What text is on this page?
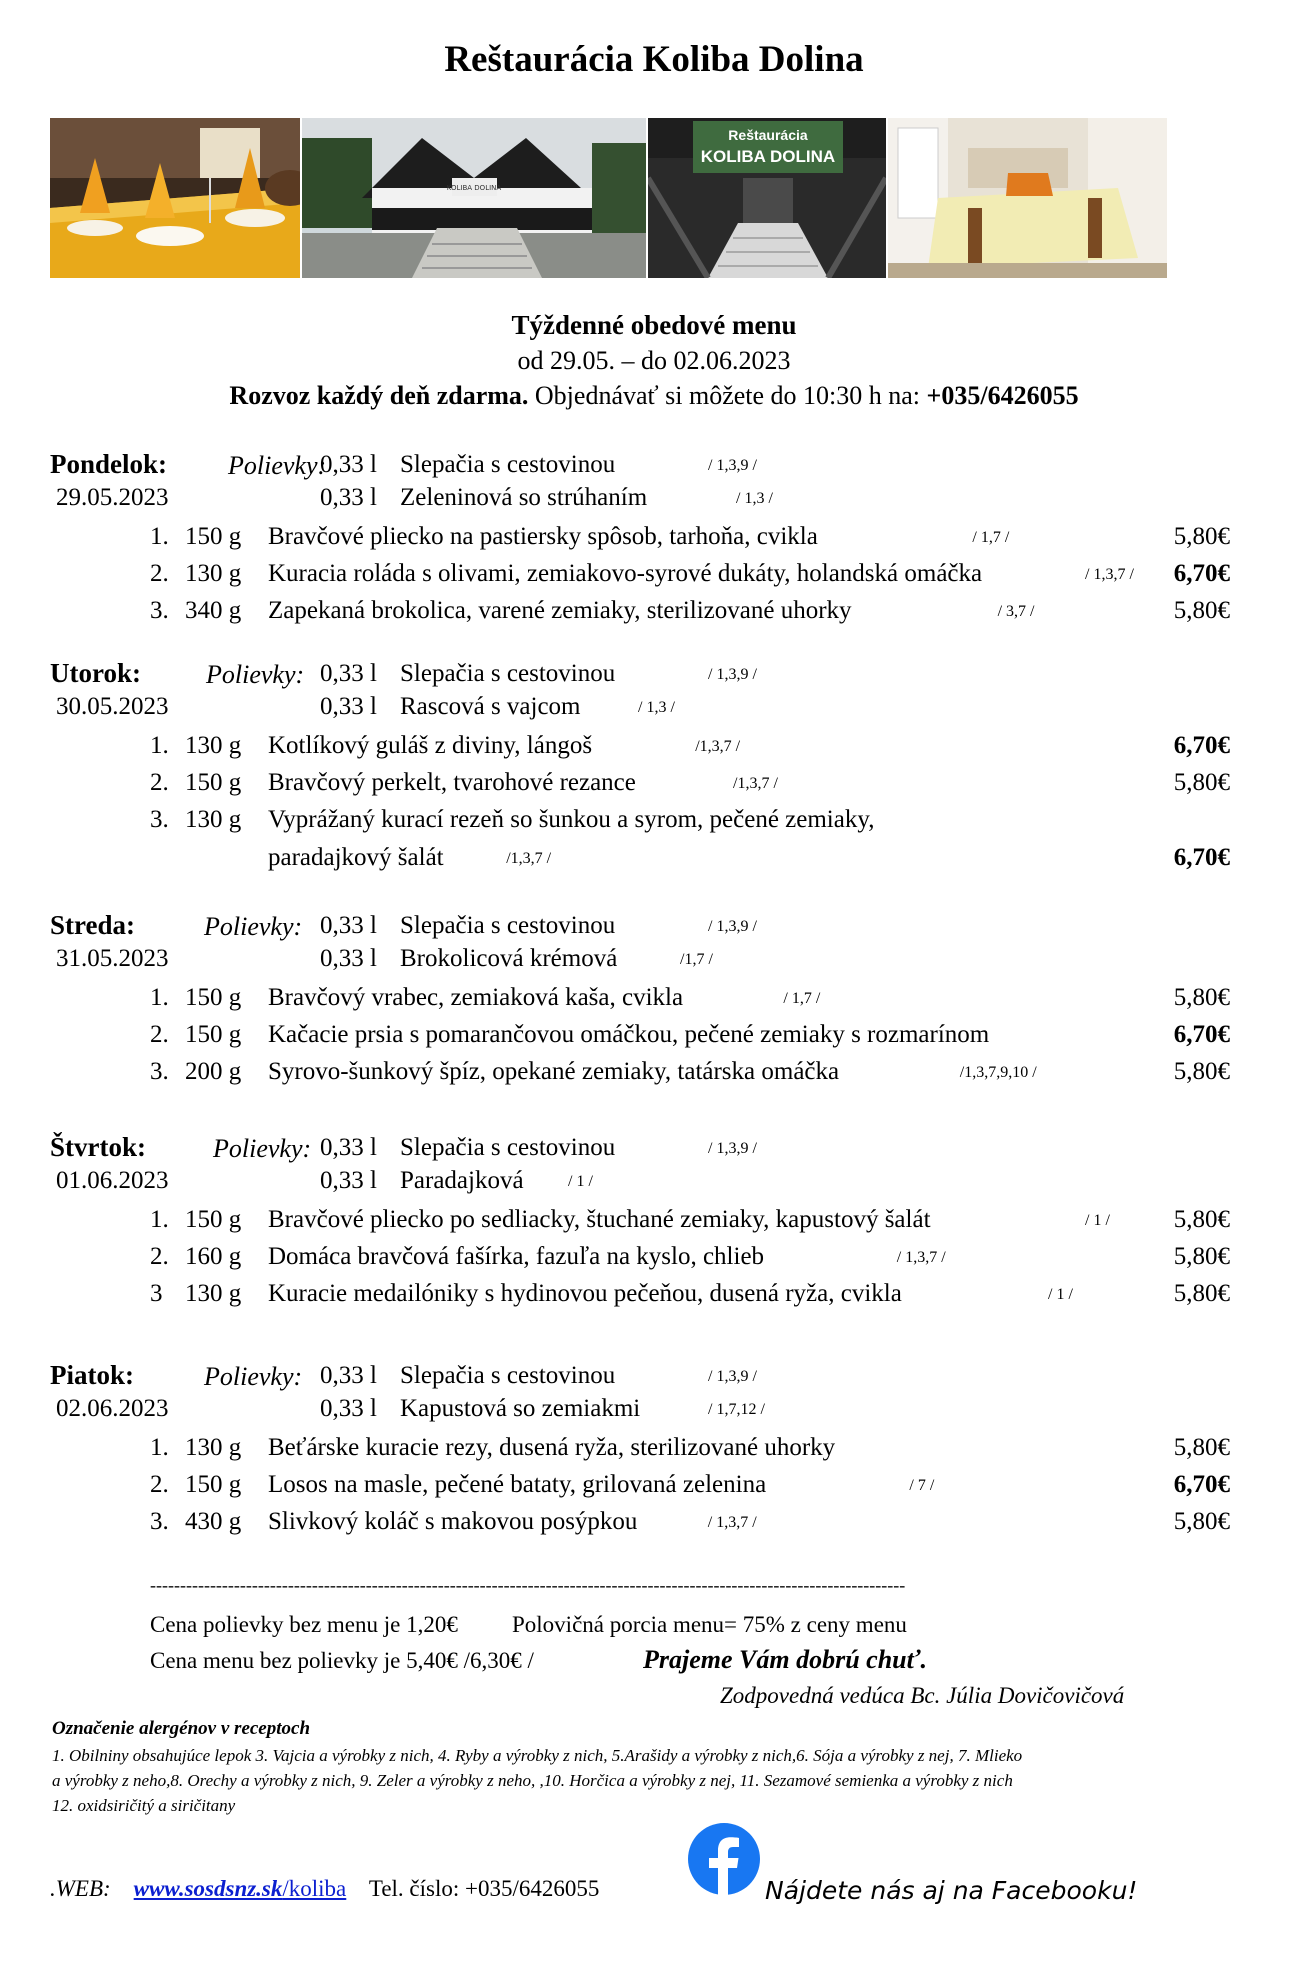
Reštaurácia Koliba Dolina
KOLIBA DOLINA
Reštaurácia
KOLIBA DOLINA
Týždenné obedové menu
od 29.05. – do 02.06.2023
Rozvoz každý deň zdarma. Objednávať si môžete do 10:30 h na: +035/6426055
Pondelok: Polievky:
29.05.2023
0,33 l Slepačia s cestovinou	/ 1,3,9 /
0,33 l Zeleninová so strúhaním	/ 1,3 /
1. 150 g Bravčové pliecko na pastiersky spôsob, tarhoňa, cvikla	/ 1,7 /	5,80€
2. 130 g Kuracia roláda s olivami, zemiakovo-syrové dukáty, holandská omáčka	/ 1,3,7 /	6,70€
3. 340 g Zapekaná brokolica, varené zemiaky, sterilizované uhorky	/ 3,7 /	5,80€
Utorok:	Polievky:
30.05.2023
0,33 l Slepačia s cestovinou	/ 1,3,9 /
0,33 l Rascová s vajcom	/ 1,3 /
1. 130 g Kotlíkový guláš z diviny, lángoš	/1,3,7 /	6,70€
2. 150 g Bravčový perkelt, tvarohové rezance	/1,3,7 /	5,80€
3. 130 g Vyprážaný kurací rezeň so šunkou a syrom, pečené zemiaky,
paradajkový šalát	/1,3,7 /	6,70€
Streda:	Polievky:
31.05.2023
0,33 l Slepačia s cestovinou	/ 1,3,9 /
0,33 l Brokolicová krémová	/1,7 /
1. 150 g Bravčový vrabec, zemiaková kaša, cvikla	/ 1,7 /	5,80€
2. 150 g Kačacie prsia s pomarančovou omáčkou, pečené zemiaky s rozmarínom	6,70€
3. 200 g Syrovo-šunkový špíz, opekané zemiaky, tatárska omáčka	/1,3,7,9,10 /	5,80€
Štvrtok:	Polievky:
01.06.2023
0,33 l Slepačia s cestovinou	/ 1,3,9 /
0,33 l Paradajková	/ 1 /
1. 150 g Bravčové pliecko po sedliacky, štuchané zemiaky, kapustový šalát	/ 1 /	5,80€
2. 160 g Domáca bravčová fašírka, fazuľa na kyslo, chlieb	/ 1,3,7 /	5,80€
3 130 g Kuracie medailóniky s hydinovou pečeňou, dusená ryža, cvikla	/ 1 /	5,80€
Piatok:	Polievky:
02.06.2023
0,33 l Slepačia s cestovinou	/ 1,3,9 /
0,33 l Kapustová so zemiakmi	/ 1,7,12 /
1. 130 g Beťárske kuracie rezy, dusená ryža, sterilizované uhorky	5,80€
2. 150 g Losos na masle, pečené bataty, grilovaná zelenina	/ 7 /	6,70€
3. 430 g Slivkový koláč s makovou posýpkou	/ 1,3,7 /	5,80€
------------------------------------------------------------------------------------------------------------------------------
Cena polievky bez menu je 1,20€ Polovičná porcia menu= 75% z ceny menu
Cena menu bez polievky je 5,40€ /6,30€ /	Prajeme Vám dobrú chuť.
Zodpovedná vedúca Bc. Júlia Dovičovičová
Označenie alergénov v receptoch
1. Obilniny obsahujúce lepok 3. Vajcia a výrobky z nich, 4. Ryby a výrobky z nich, 5.Arašidy a výrobky z nich,6. Sója a výrobky z nej, 7. Mlieko
a výrobky z neho,8. Orechy a výrobky z nich, 9. Zeler a výrobky z neho, ,10. Horčica a výrobky z nej, 11. Sezamové semienka a výrobky z nich
12. oxidsiričitý a siričitany
.WEB: www.sosdsnz.sk/koliba Tel. číslo: +035/6426055	Nájdete nás aj na Facebooku!
